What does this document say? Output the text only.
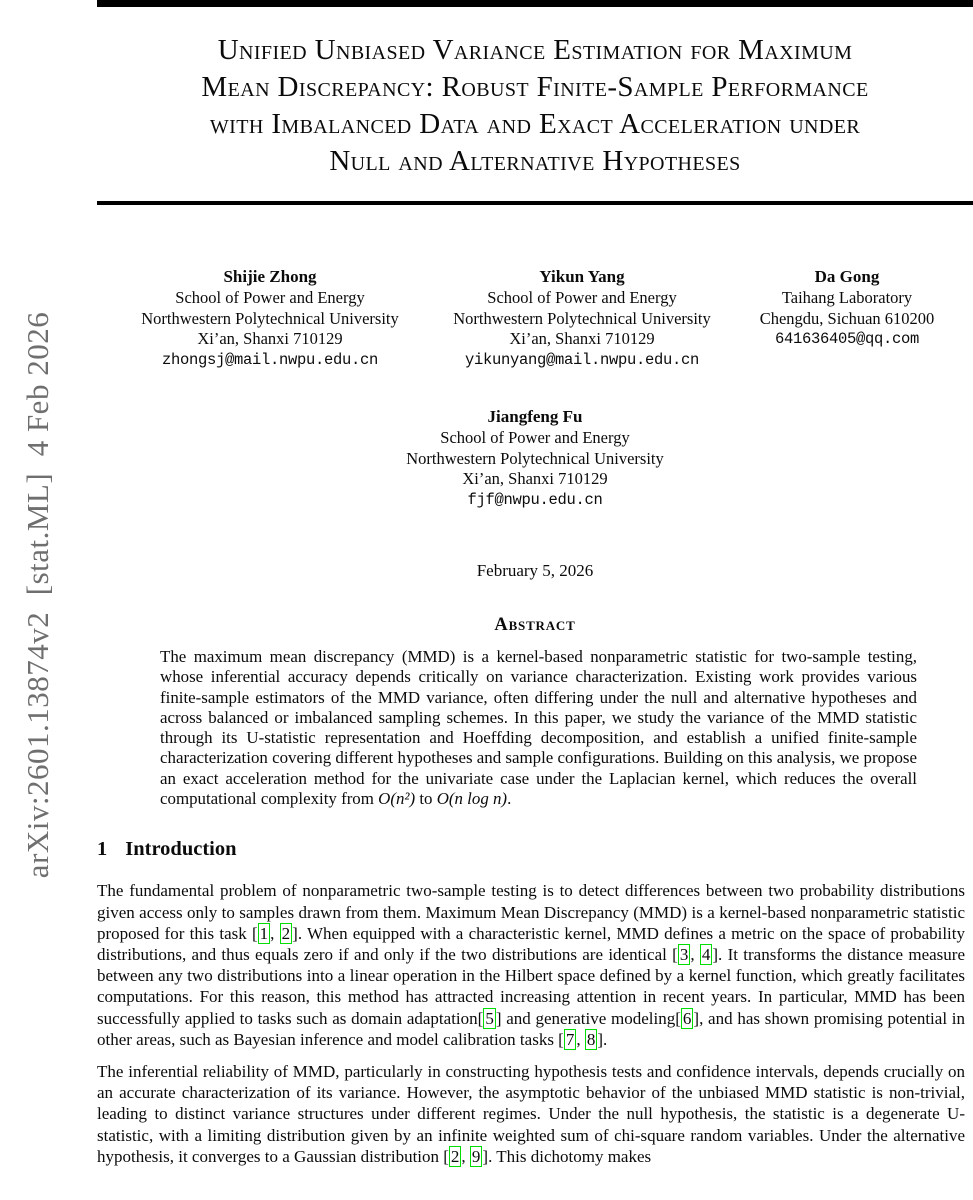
arXiv:2601.13874v2  [stat.ML]  4 Feb 2026
Unified Unbiased Variance Estimation for Maximum
Mean Discrepancy: Robust Finite-Sample Performance
with Imbalanced Data and Exact Acceleration under
Null and Alternative Hypotheses
Shijie Zhong
School of Power and Energy
Northwestern Polytechnical University
Xi’an, Shanxi 710129
zhongsj@mail.nwpu.edu.cn
Yikun Yang
School of Power and Energy
Northwestern Polytechnical University
Xi’an, Shanxi 710129
yikunyang@mail.nwpu.edu.cn
Da Gong
Taihang Laboratory
Chengdu, Sichuan 610200
641636405@qq.com
Jiangfeng Fu
School of Power and Energy
Northwestern Polytechnical University
Xi’an, Shanxi 710129
fjf@nwpu.edu.cn
February 5, 2026
Abstract
The maximum mean discrepancy (MMD) is a kernel-based nonparametric statistic for two-sample testing, whose inferential accuracy depends critically on variance characterization. Existing work provides various finite-sample estimators of the MMD variance, often differing under the null and alternative hypotheses and across balanced or imbalanced sampling schemes. In this paper, we study the variance of the MMD statistic through its U-statistic representation and Hoeffding decomposition, and establish a unified finite-sample characterization covering different hypotheses and sample configurations. Building on this analysis, we propose an exact acceleration method for the univariate case under the Laplacian kernel, which reduces the overall computational complexity from O(n²) to O(n log n).
1 Introduction

The fundamental problem of nonparametric two-sample testing is to detect differences between two probability distributions given access only to samples drawn from them. Maximum Mean Discrepancy (MMD) is a kernel-based nonparametric statistic proposed for this task [ 1 , 2 ]. When equipped with a characteristic kernel, MMD defines a metric on the space of probability distributions, and thus equals zero if and only if the two distributions are identical [ 3 , 4 ]. It transforms the distance measure between any two distributions into a linear operation in the Hilbert space defined by a kernel function, which greatly facilitates computations. For this reason, this method has attracted increasing attention in recent years. In particular, MMD has been successfully applied to tasks such as domain adaptation[ 5 ] and generative modeling[ 6 ], and has shown promising potential in other areas, such as Bayesian inference and model calibration tasks [ 7 , 8 ].

The inferential reliability of MMD, particularly in constructing hypothesis tests and confidence intervals, depends crucially on an accurate characterization of its variance. However, the asymptotic behavior of the unbiased MMD statistic is non-trivial, leading to distinct variance structures under different regimes. Under the null hypothesis, the statistic is a degenerate U-statistic, with a limiting distribution given by an infinite weighted sum of chi-square random variables. Under the alternative hypothesis, it converges to a Gaussian distribution [ 2 , 9 ]. This dichotomy makes
